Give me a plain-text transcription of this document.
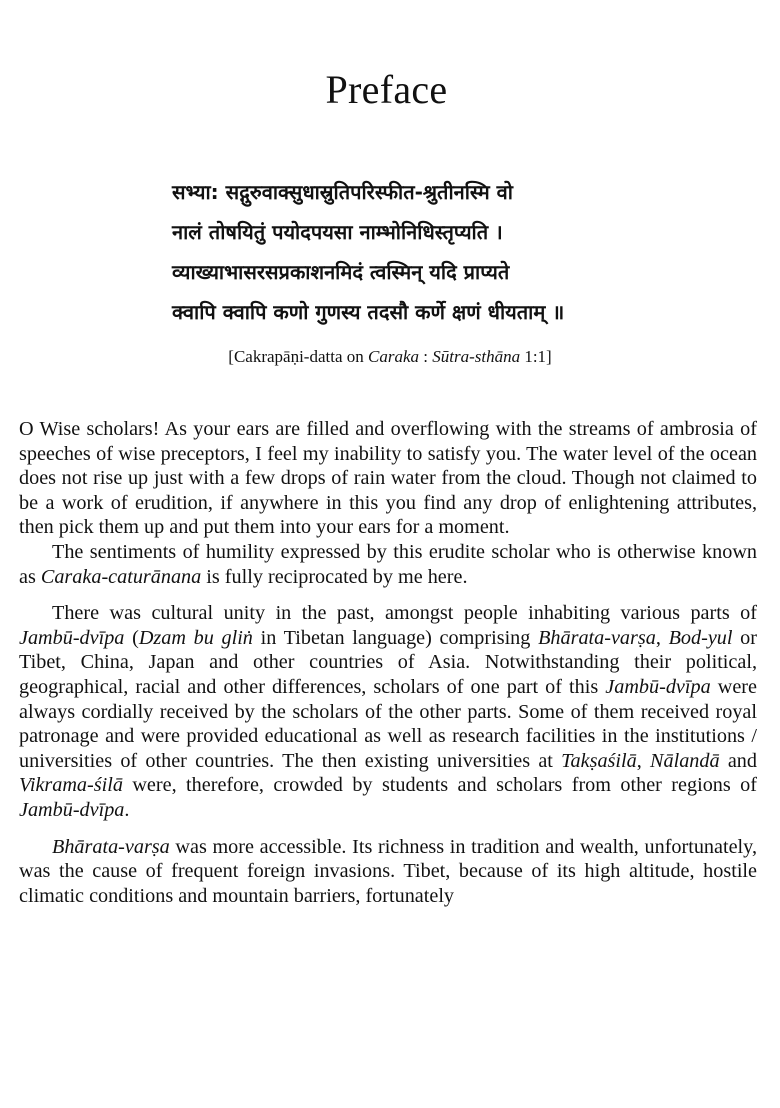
Preface
सभ्या: सद्गुरुवाक्सुधास्रुतिपरिस्फीत-श्रुतीनस्मि वो
नालं तोषयितुं पयोदपयसा नाम्भोनिधिस्तृप्यति ।
व्याख्याभासरसप्रकाशनमिदं त्वस्मिन् यदि प्राप्यते
क्वापि क्वापि कणो गुणस्य तदसौ कर्णे क्षणं धीयताम् ॥
[Cakrapāṇi-datta on Caraka : Sūtra-sthāna 1:1]

O Wise scholars! As your ears are filled and overflowing with the streams of ambrosia of speeches of wise preceptors, I feel my inability to satisfy you. The water level of the ocean does not rise up just with a few drops of rain water from the cloud. Though not claimed to be a work of erudition, if anywhere in this you find any drop of enlightening attributes, then pick them up and put them into your ears for a moment.

The sentiments of humility expressed by this erudite scholar who is otherwise known as Caraka-caturānana is fully reciprocated by me here.

There was cultural unity in the past, amongst people inhabiting various parts of Jambū-dvīpa (Dzam bu gliṅ in Tibetan language) comprising Bhārata-varṣa, Bod-yul or Tibet, China, Japan and other countries of Asia. Notwithstanding their political, geographical, racial and other differences, scholars of one part of this Jambū-dvīpa were always cordially received by the scholars of the other parts. Some of them received royal patronage and were provided educational as well as research facilities in the institutions / universities of other countries. The then existing universities at Takṣaśilā, Nālandā and Vikrama-śilā were, therefore, crowded by students and scholars from other regions of Jambū-dvīpa.

Bhārata-varṣa was more accessible. Its richness in tradition and wealth, unfortunately, was the cause of frequent foreign invasions. Tibet, because of its high altitude, hostile climatic conditions and mountain barriers, fortunately
